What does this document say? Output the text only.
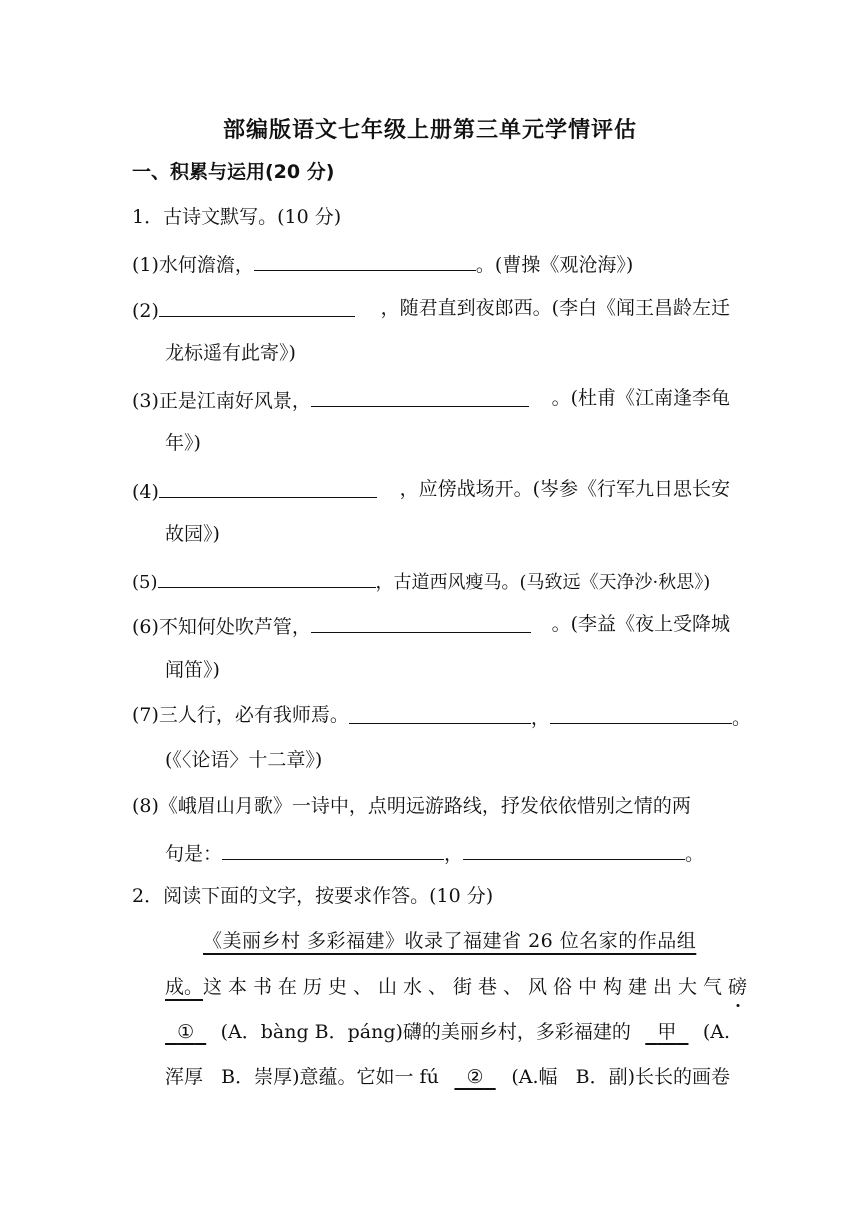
部编版语文七年级上册第三单元学情评估
一、积累与运用(20 分)
1．古诗文默写。(10 分)
(1)水何澹澹，	。(曹操《观沧海》)
(2)	，随君直到夜郎西。(李白《闻王昌龄左迁
龙标遥有此寄》)
(3)正是江南好风景，	。(杜甫《江南逢李龟
年》)
(4)	，应傍战场开。(岑参《行军九日思长安
故园》)
(5)	，古道西风瘦马。(马致远《天净沙·秋思》)
(6)不知何处吹芦管，	。(李益《夜上受降城
闻笛》)
(7)三人行，必有我师焉。	，	。
(《〈论语〉十二章》)
(8)《峨眉山月歌》一诗中，点明远游路线，抒发依依惜别之情的两
句是：	，	。
2．阅读下面的文字，按要求作答。(10 分)
《美丽乡村 多彩福建》收录了福建省 26 位名家的作品组
成。 这本书在历史、山水、街巷、风俗中构建出大气 磅
①	(A．bàng B．páng)礴的美丽乡村，多彩福建的	甲	(A.
浑厚   B．崇厚)意蕴。它如一 fú	②	(A.幅   B．副)长长的画卷
